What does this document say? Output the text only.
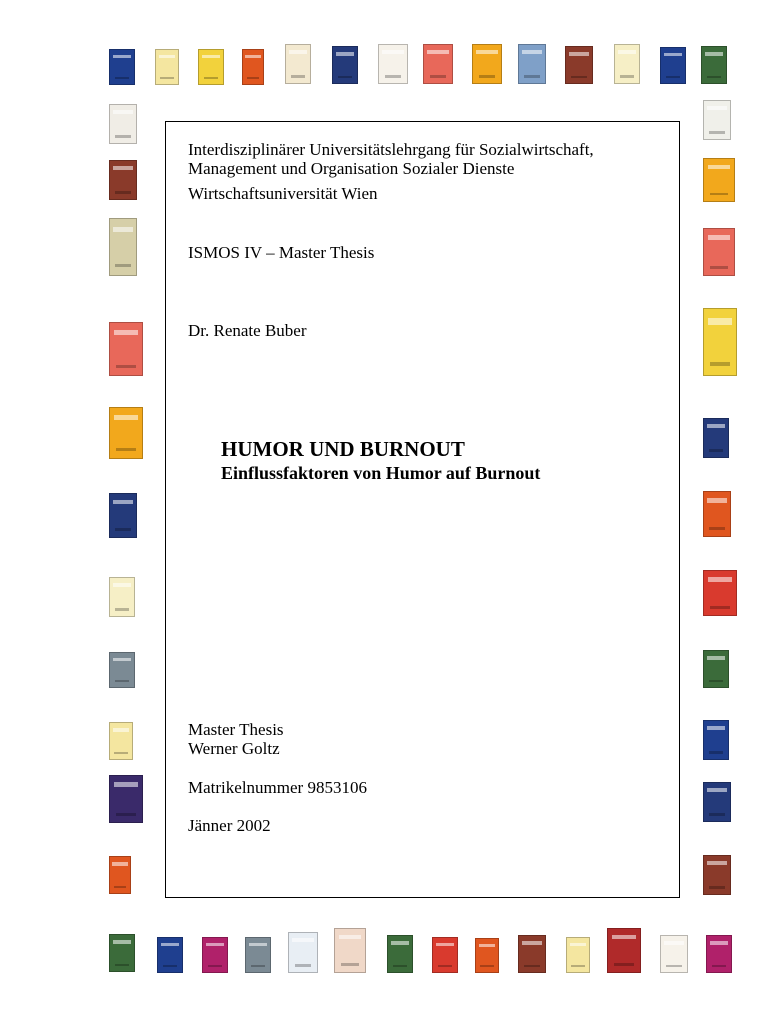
Interdisziplinärer Universitätslehrgang für Sozialwirtschaft,

Management und Organisation Sozialer Dienste

Wirtschaftsuniversität Wien

ISMOS IV – Master Thesis

Dr. Renate Buber

HUMOR UND BURNOUT

Einflussfaktoren von Humor auf Burnout

Master Thesis

Werner Goltz

Matrikelnummer 9853106

Jänner 2002
